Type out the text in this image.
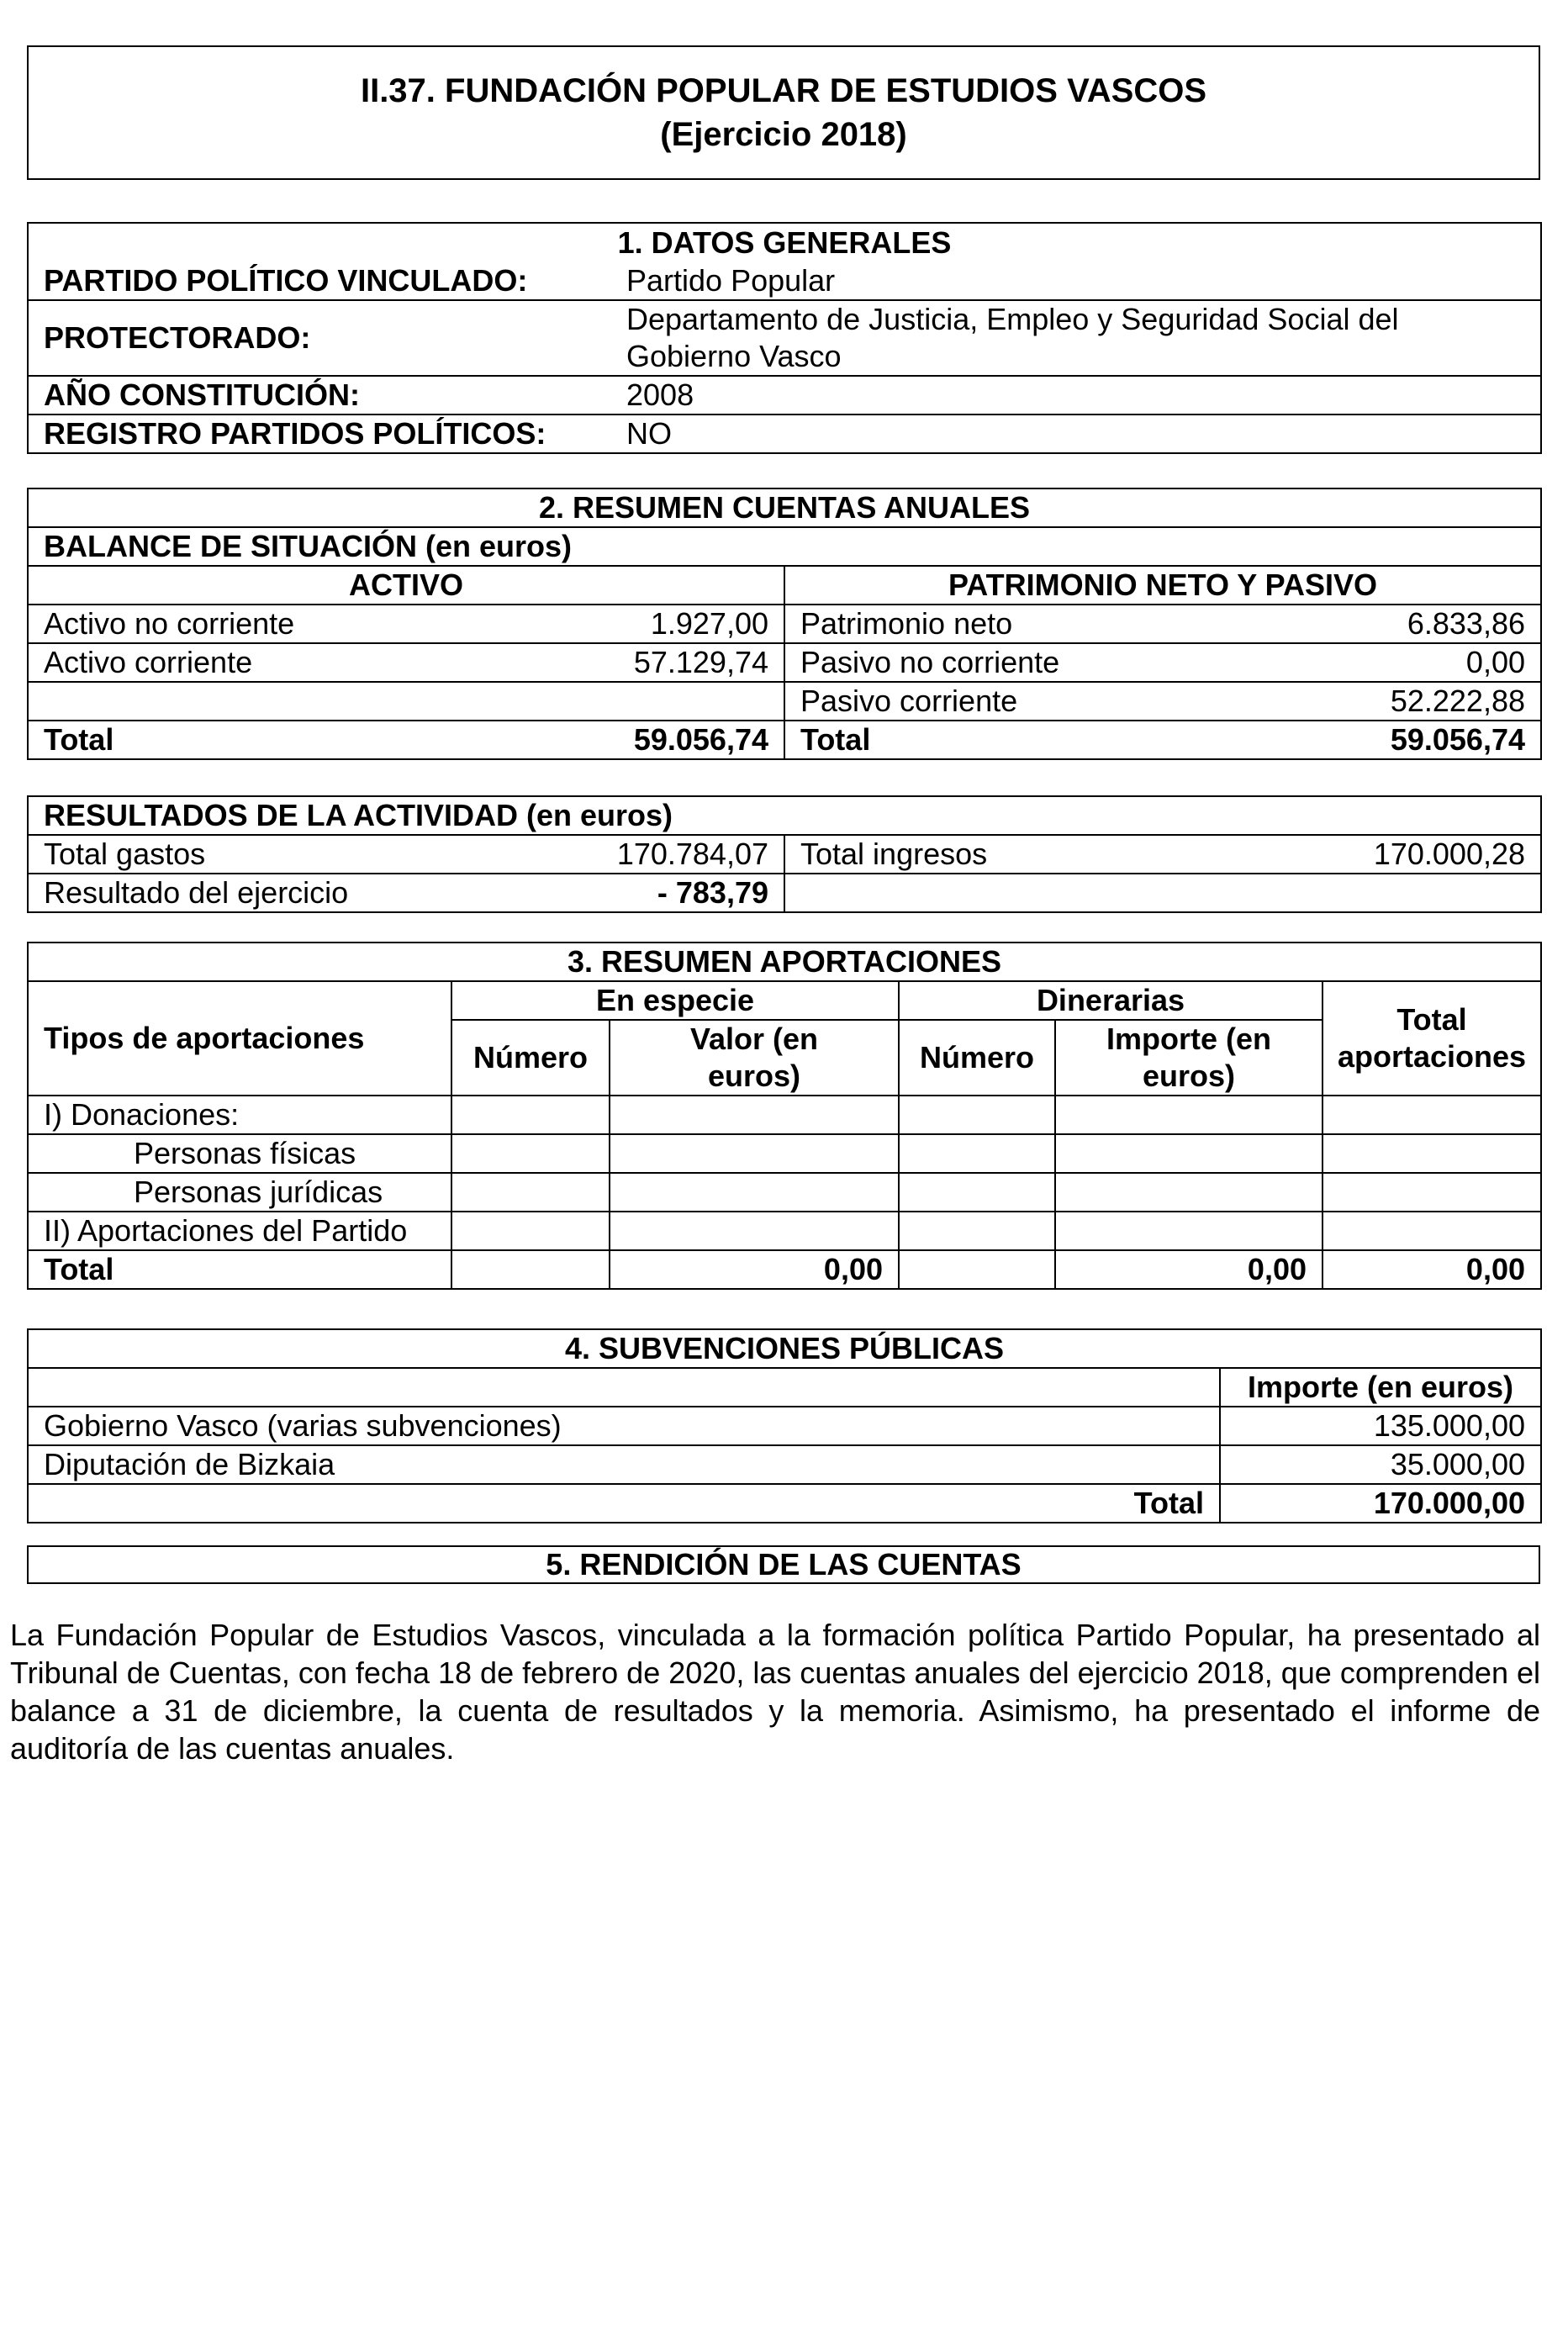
II.37. FUNDACIÓN POPULAR DE ESTUDIOS VASCOS
(Ejercicio 2018)
1. DATOS GENERALES	
PARTIDO POLÍTICO VINCULADO:	Partido Popular
PROTECTORADO:	Departamento de Justicia, Empleo y Seguridad Social del Gobierno Vasco
AÑO CONSTITUCIÓN:	2008
REGISTRO PARTIDOS POLÍTICOS:	NO
2. RESUMEN CUENTAS ANUALES			
BALANCE DE SITUACIÓN (en euros)			
ACTIVO		PATRIMONIO NETO Y PASIVO	
Activo no corriente	1.927,00	Patrimonio neto	6.833,86
Activo corriente	57.129,74	Pasivo no corriente	0,00
		Pasivo corriente	52.222,88
Total	59.056,74	Total	59.056,74
RESULTADOS DE LA ACTIVIDAD (en euros)			
Total gastos	170.784,07	Total ingresos	170.000,28
Resultado del ejercicio	- 783,79		
3. RESUMEN APORTACIONES					
Tipos de aportaciones	En especie		Dinerarias		Total aportaciones
	Número	Valor (en euros)	Número	Importe (en euros)	
I) Donaciones:					
Personas físicas					
Personas jurídicas					
II) Aportaciones del Partido					
Total		0,00		0,00	0,00
4. SUBVENCIONES PÚBLICAS	
	Importe (en euros)
Gobierno Vasco (varias subvenciones)	135.000,00
Diputación de Bizkaia	35.000,00
Total	170.000,00
5. RENDICIÓN DE LAS CUENTAS
La Fundación Popular de Estudios Vascos, vinculada a la formación política Partido Popular, ha presentado al Tribunal de Cuentas, con fecha 18 de febrero de 2020, las cuentas anuales del ejercicio 2018, que comprenden el balance a 31 de diciembre, la cuenta de resultados y la memoria. Asimismo, ha presentado el informe de auditoría de las cuentas anuales.
